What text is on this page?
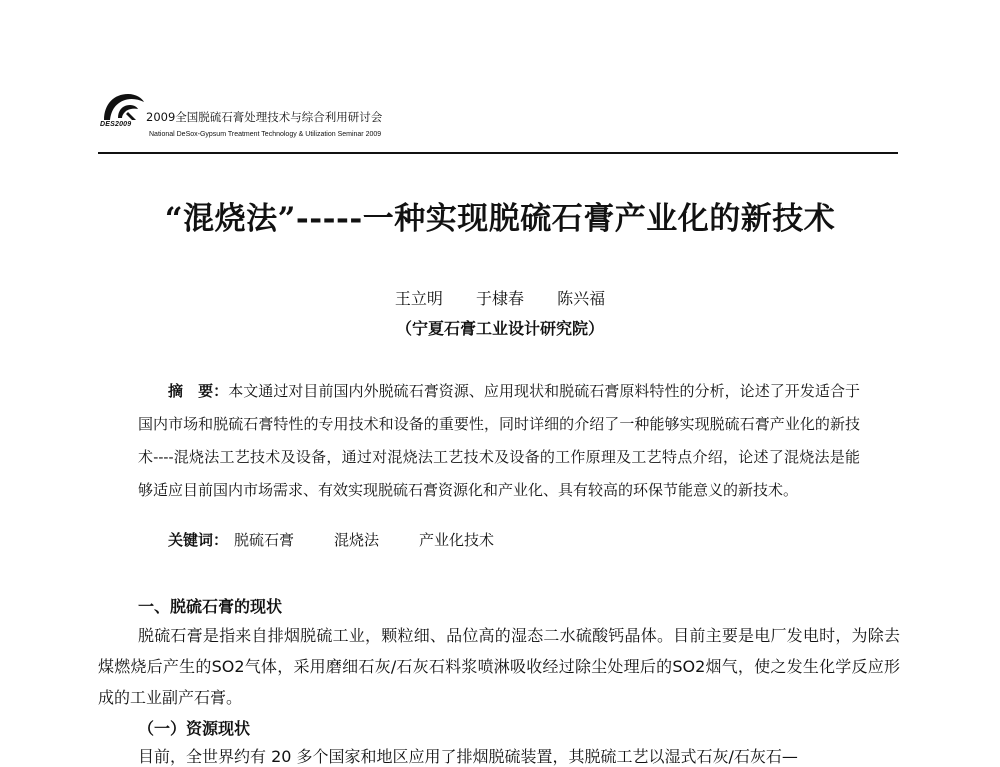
DES2009
2009全国脱硫石膏处理技术与综合利用研讨会
National DeSox-Gypsum Treatment Technology & Utilization Seminar 2009
“混烧法”-----一种实现脱硫石膏产业化的新技术
王立明 于棣春 陈兴福
（宁夏石膏工业设计研究院）

摘　要：本文通过对目前国内外脱硫石膏资源、应用现状和脱硫石膏原料特性的分析，论述了开发适合于国内市场和脱硫石膏特性的专用技术和设备的重要性，同时详细的介绍了一种能够实现脱硫石膏产业化的新技术----混烧法工艺技术及设备，通过对混烧法工艺技术及设备的工作原理及工艺特点介绍，论述了混烧法是能够适应目前国内市场需求、有效实现脱硫石膏资源化和产业化、具有较高的环保节能意义的新技术。

关键词： 脱硫石膏	混烧法	产业化技术
一、脱硫石膏的现状

脱硫石膏是指来自排烟脱硫工业，颗粒细、品位高的湿态二水硫酸钙晶体。目前主要是电厂发电时，为除去煤燃烧后产生的SO2气体，采用磨细石灰/石灰石料浆喷淋吸收经过除尘处理后的SO2烟气，使之发生化学反应形成的工业副产石膏。

（一）资源现状
目前，全世界约有 20 多个国家和地区应用了排烟脱硫装置，其脱硫工艺以湿式石灰/石灰石—
